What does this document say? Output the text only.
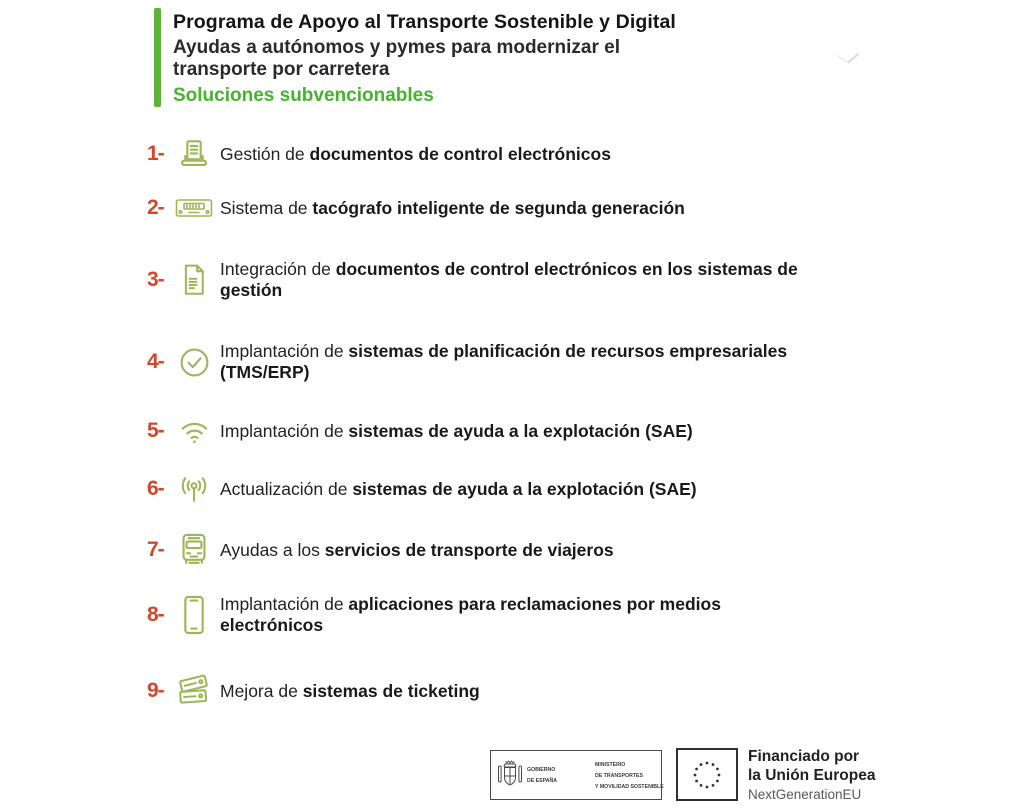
Programa de Apoyo al Transporte Sostenible y Digital
Ayudas a autónomos y pymes para modernizar el transporte por carretera
Soluciones subvencionables
1-	Gestión de documentos de control electrónicos

2-	Sistema de tacógrafo inteligente de segunda generación

3-	Integración de documentos de control electrónicos en los sistemas de gestión

4-	Implantación de sistemas de planificación de recursos empresariales (TMS/ERP)

5-	Implantación de sistemas de ayuda a la explotación (SAE)

6-	Actualización de sistemas de ayuda a la explotación (SAE)

7-	Ayudas a los servicios de transporte de viajeros

8-	Implantación de aplicaciones para reclamaciones por medios electrónicos

9-	Mejora de sistemas de ticketing

GOBIERNO
DE ESPAÑA
MINISTERIO
DE TRANSPORTES
Y MOVILIDAD SOSTENIBLE
Financiado por
la Unión Europea
NextGenerationEU
